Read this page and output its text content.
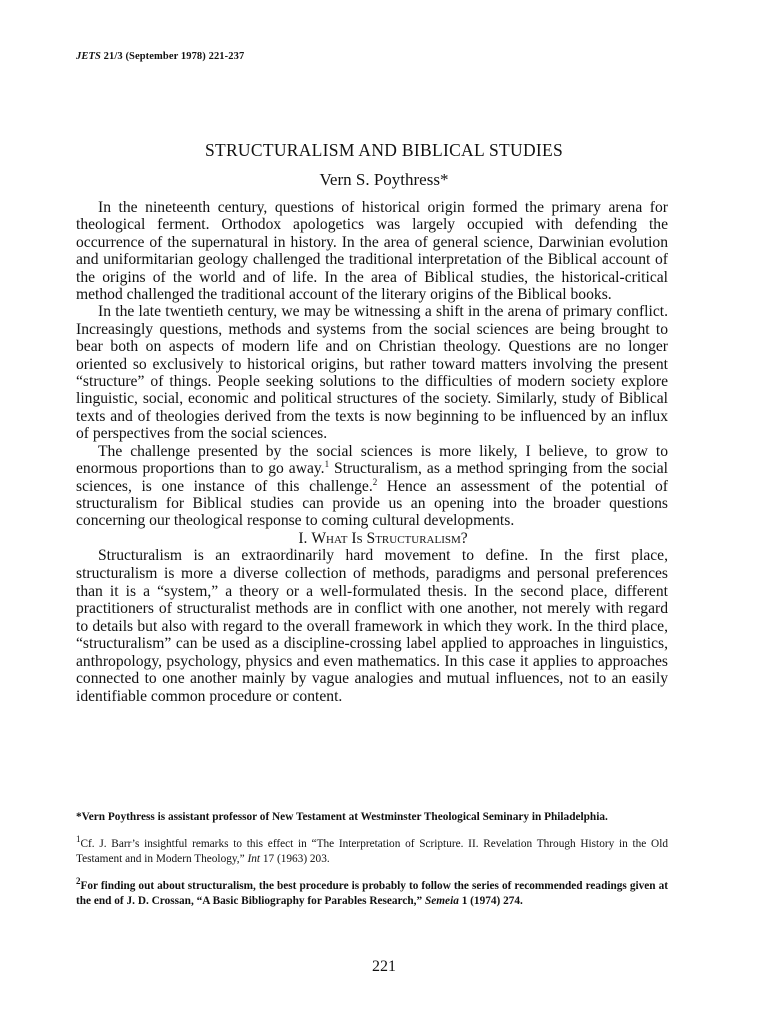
JETS 21/3 (September 1978) 221-237
STRUCTURALISM AND BIBLICAL STUDIES
Vern S. Poythress*

In the nineteenth century, questions of historical origin formed the primary arena for theological ferment. Orthodox apologetics was largely occupied with defending the occurrence of the supernatural in history. In the area of general science, Darwinian evolution and uniformitarian geology challenged the traditional interpretation of the Biblical account of the origins of the world and of life. In the area of Biblical studies, the historical-critical method challenged the traditional account of the literary origins of the Biblical books.

In the late twentieth century, we may be witnessing a shift in the arena of primary conflict. Increasingly questions, methods and systems from the social sciences are being brought to bear both on aspects of modern life and on Christian theology. Questions are no longer oriented so exclusively to historical origins, but rather toward matters involving the present “structure” of things. People seeking solutions to the difficulties of modern society explore linguistic, social, economic and political structures of the society. Similarly, study of Biblical texts and of theologies derived from the texts is now beginning to be influenced by an influx of perspectives from the social sciences.

The challenge presented by the social sciences is more likely, I believe, to grow to enormous proportions than to go away.$^1$ Structuralism, as a method springing from the social sciences, is one instance of this challenge.$^2$ Hence an assessment of the potential of structuralism for Biblical studies can provide us an opening into the broader questions concerning our theological response to coming cultural developments.

I. What Is Structuralism?

Structuralism is an extraordinarily hard movement to define. In the first place, structuralism is more a diverse collection of methods, paradigms and personal preferences than it is a “system,” a theory or a well-formulated thesis. In the second place, different practitioners of structuralist methods are in conflict with one another, not merely with regard to details but also with regard to the overall framework in which they work. In the third place, “structuralism” can be used as a discipline-crossing label applied to approaches in linguistics, anthropology, psychology, physics and even mathematics. In this case it applies to approaches connected to one another mainly by vague analogies and mutual influences, not to an easily identifiable common procedure or content.

*Vern Poythress is assistant professor of New Testament at Westminster Theological Seminary in Philadelphia.

$^1$Cf. J. Barr’s insightful remarks to this effect in “The Interpretation of Scripture. II. Revelation Through History in the Old Testament and in Modern Theology,” Int 17 (1963) 203.

$^2$For finding out about structuralism, the best procedure is probably to follow the series of recommended readings given at the end of J. D. Crossan, “A Basic Bibliography for Parables Research,” Semeia 1 (1974) 274.

221
